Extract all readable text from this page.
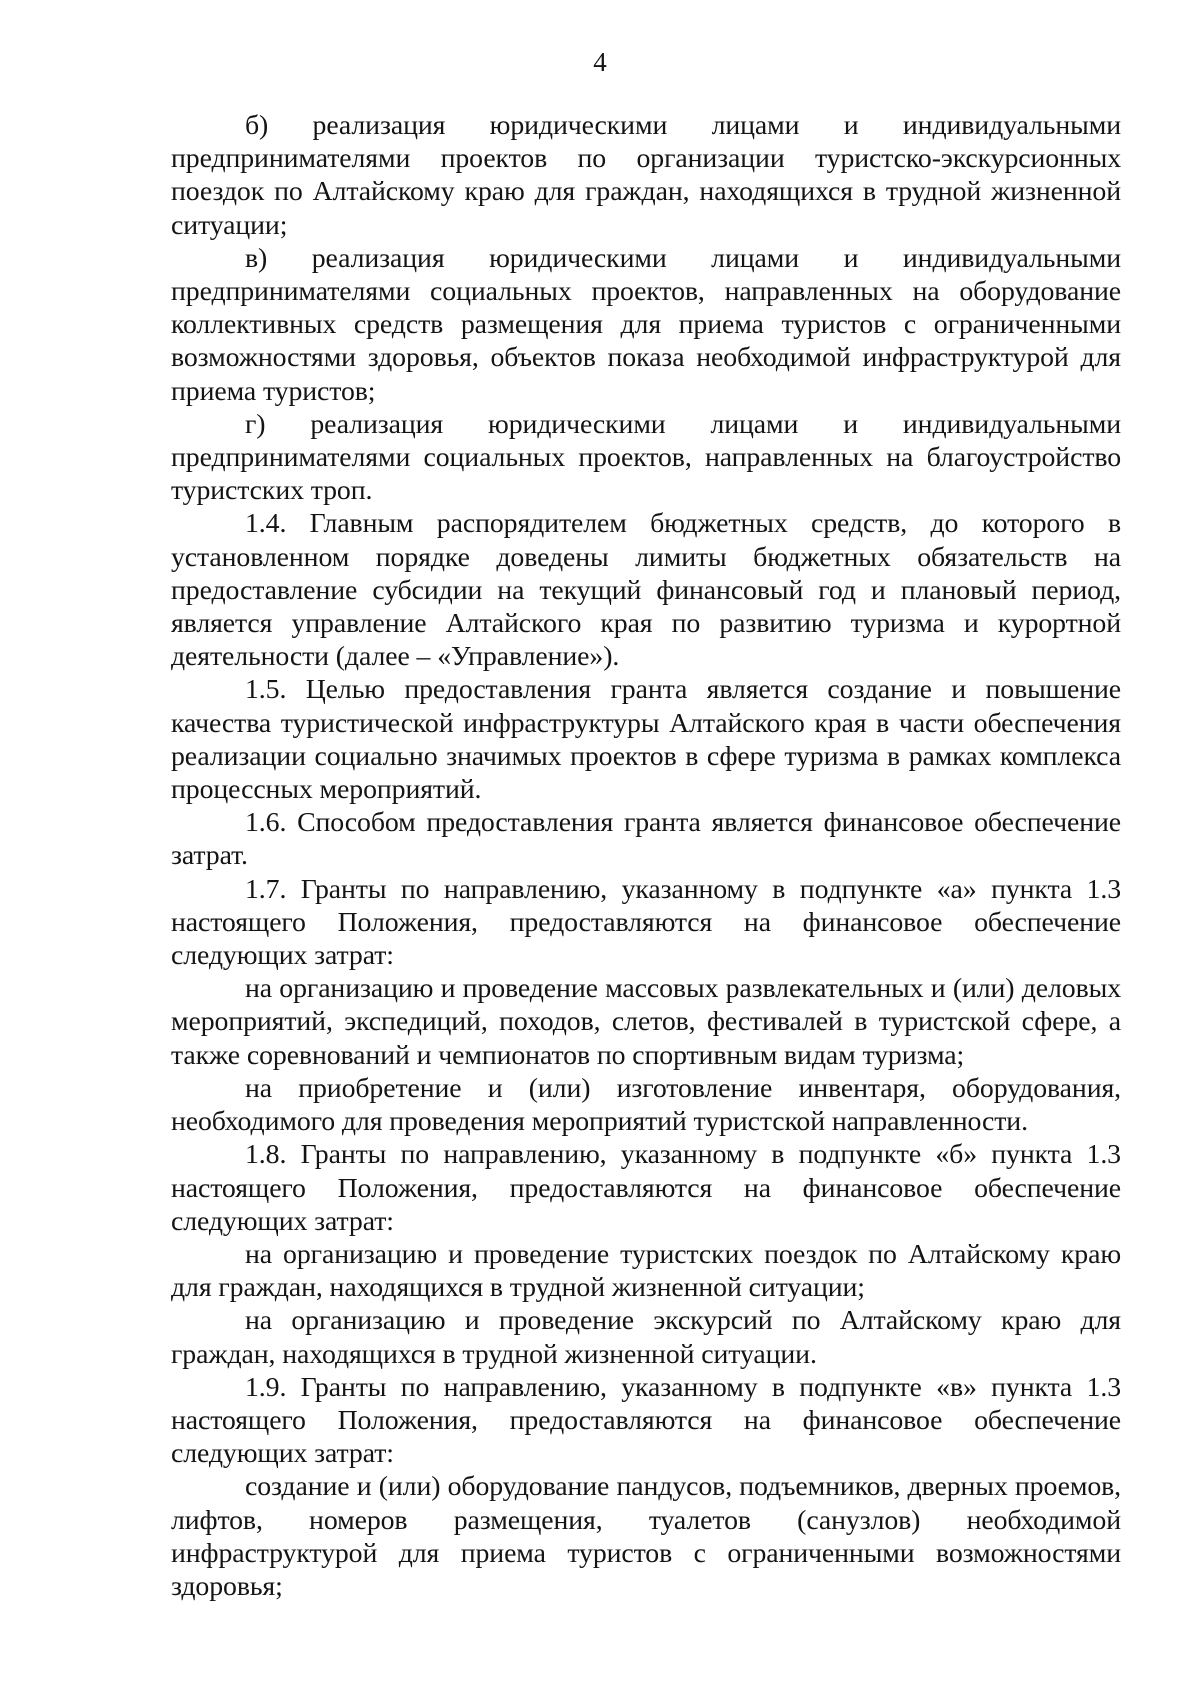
4

б) реализация юридическими лицами и индивидуальными предпринимателями проектов по организации туристско-экскурсионных поездок по Алтайскому краю для граждан, находящихся в трудной жизненной ситуации;

в) реализация юридическими лицами и индивидуальными предпринимателями социальных проектов, направленных на оборудование коллективных средств размещения для приема туристов с ограниченными возможностями здоровья, объектов показа необходимой инфраструктурой для приема туристов;

г) реализация юридическими лицами и индивидуальными предпринимателями социальных проектов, направленных на благоустройство туристских троп.

1.4. Главным распорядителем бюджетных средств, до которого в установленном порядке доведены лимиты бюджетных обязательств на предоставление субсидии на текущий финансовый год и плановый период, является управление Алтайского края по развитию туризма и курортной деятельности (далее – «Управление»).

1.5. Целью предоставления гранта является создание и повышение качества туристической инфраструктуры Алтайского края в части обеспечения реализации социально значимых проектов в сфере туризма в рамках комплекса процессных мероприятий.

1.6. Способом предоставления гранта является финансовое обеспечение затрат.

1.7. Гранты по направлению, указанному в подпункте «а» пункта 1.3 настоящего Положения, предоставляются на финансовое обеспечение следующих затрат:

на организацию и проведение массовых развлекательных и (или) деловых мероприятий, экспедиций, походов, слетов, фестивалей в туристской сфере, а также соревнований и чемпионатов по спортивным видам туризма;

на приобретение и (или) изготовление инвентаря, оборудования, необходимого для проведения мероприятий туристской направленности.

1.8. Гранты по направлению, указанному в подпункте «б» пункта 1.3 настоящего Положения, предоставляются на финансовое обеспечение следующих затрат:

на организацию и проведение туристских поездок по Алтайскому краю для граждан, находящихся в трудной жизненной ситуации;

на организацию и проведение экскурсий по Алтайскому краю для граждан, находящихся в трудной жизненной ситуации.

1.9. Гранты по направлению, указанному в подпункте «в» пункта 1.3 настоящего Положения, предоставляются на финансовое обеспечение следующих затрат:

создание и (или) оборудование пандусов, подъемников, дверных проемов, лифтов, номеров размещения, туалетов (санузлов) необходимой инфраструктурой для приема туристов с ограниченными возможностями здоровья;
